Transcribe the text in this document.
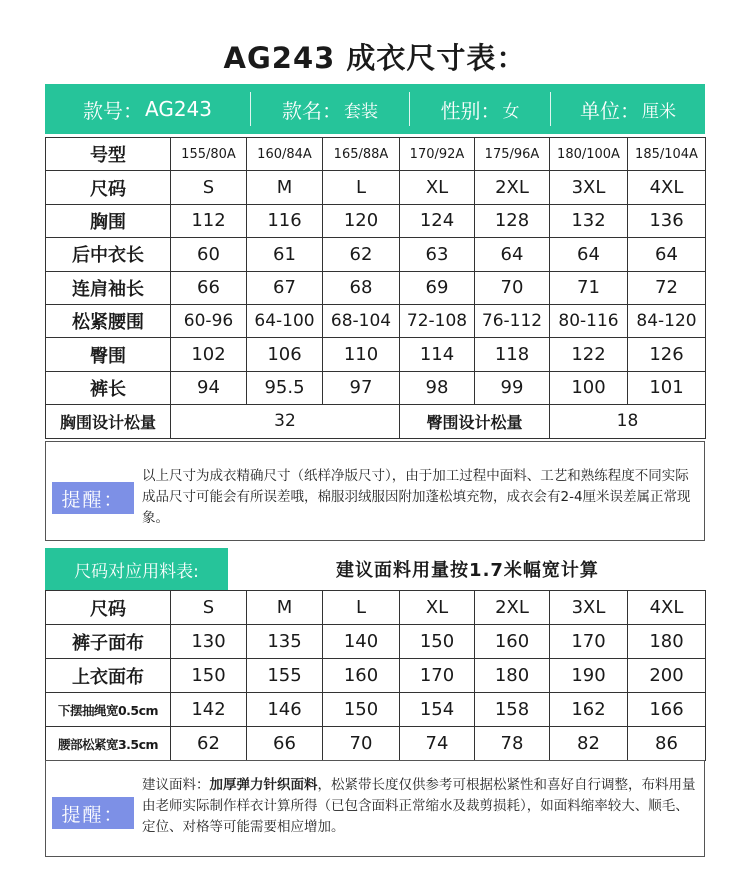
AG243 成衣尺寸表：
款号： AG243	款名： 套装	性别： 女	单位： 厘米
号型	155/80A	160/84A	165/88A	170/92A	175/96A	180/100A	185/104A
尺码	S	M	L	XL	2XL	3XL	4XL
胸围	112	116	120	124	128	132	136
后中衣长	60	61	62	63	64	64	64
连肩袖长	66	67	68	69	70	71	72
松紧腰围	60-96	64-100	68-104	72-108	76-112	80-116	84-120
臀围	102	106	110	114	118	122	126
裤长	94	95.5	97	98	99	100	101
胸围设计松量	32			臀围设计松量		18	
提醒：
以上尺寸为成衣精确尺寸（纸样净版尺寸），由于加工过程中面料、工艺和熟练程度不同实际成品尺寸可能会有所误差哦，棉服羽绒服因附加蓬松填充物，成衣会有2-4厘米误差属正常现象。
尺码对应用料表:	建议面料用量按1.7米幅宽计算
尺码	S	M	L	XL	2XL	3XL	4XL
裤子面布	130	135	140	150	160	170	180
上衣面布	150	155	160	170	180	190	200
下摆抽绳宽0.5cm	142	146	150	154	158	162	166
腰部松紧宽3.5cm	62	66	70	74	78	82	86
提醒：
建议面料：加厚弹力针织面料，松紧带长度仅供参考可根据松紧性和喜好自行调整，布料用量由老师实际制作样衣计算所得（已包含面料正常缩水及裁剪损耗），如面料缩率较大、顺毛、定位、对格等可能需要相应增加。
